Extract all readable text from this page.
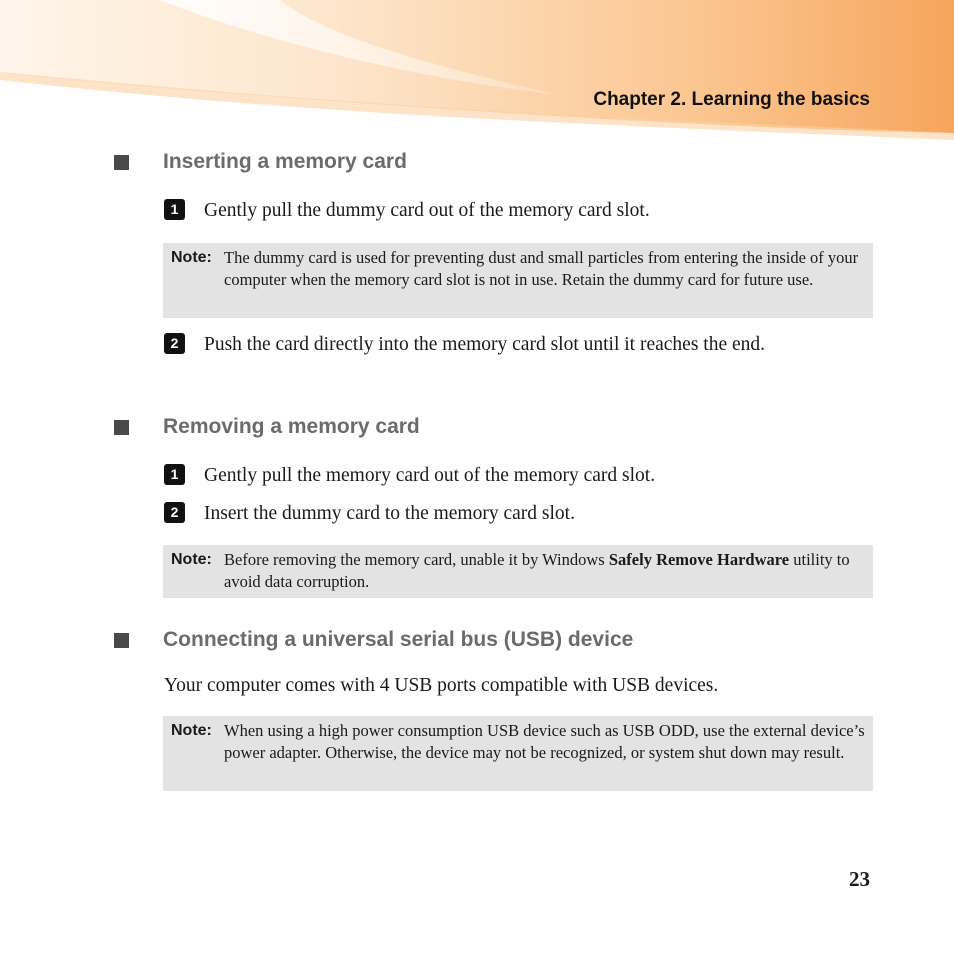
Chapter 2. Learning the basics
Inserting a memory card
1	Gently pull the dummy card out of the memory card slot.
Note: The dummy card is used for preventing dust and small particles from entering the inside of your computer when the memory card slot is not in use. Retain the dummy card for future use.
2	Push the card directly into the memory card slot until it reaches the end.
Removing a memory card
1	Gently pull the memory card out of the memory card slot.
2	Insert the dummy card to the memory card slot.
Note: Before removing the memory card, unable it by Windows Safely Remove Hardware utility to avoid data corruption.
Connecting a universal serial bus (USB) device
Your computer comes with 4 USB ports compatible with USB devices.
Note: When using a high power consumption USB device such as USB ODD, use the external device’s power adapter. Otherwise, the device may not be recognized, or system shut down may result.
23
